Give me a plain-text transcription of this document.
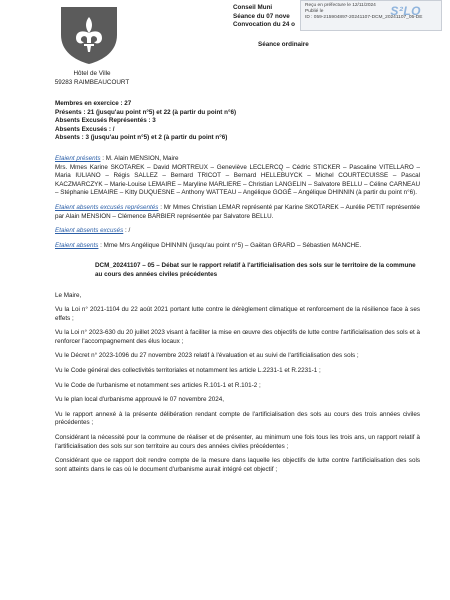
Hôtel de Ville

59283 RAIMBEAUCOURT

Conseil Muni

Séance du 07 nove

Convocation du 24 o

Séance ordinaire
Reçu en préfecture le 12/11/2024
Publié le
ID : 059-215904897-20241107-DCM_20241107_05-DE
S²LO

Membres en exercice : 27

Présents : 21 (jusqu'au point n°5) et 22 (à partir du point n°6)

Absents Excusés Représentés : 3

Absents Excusés : /

Absents : 3 (jusqu'au point n°5) et 2 (à partir du point n°6)

Etaient présents : M. Alain MENSION, Maire
Mrs. Mmes Karine SKOTAREK – David MORTREUX – Geneviève LECLERCQ – Cédric STICKER – Pascaline VITELLARO – Maria IULIANO – Régis SALLEZ – Bernard TRICOT – Bernard HELLEBUYCK – Michel COURTECUISSE – Pascal KACZMARCZYK – Marie-Louise LEMAIRE – Maryline MARLIERE – Christian LANGELIN – Salvatore BELLU – Céline CARNEAU – Stéphanie LEMAIRE – Kitty DUQUESNE – Anthony WATTEAU – Angélique GOGÉ – Angélique DHINNIN (à partir du point n°6).

Etaient absents excusés représentés : Mr Mmes Christian LEMAR représenté par Karine SKOTAREK – Aurélie PETIT représentée par Alain MENSION – Clémence BARBIER représentée par Salvatore BELLU.

Etaient absents excusés : /

Etaient absents : Mme Mrs Angélique DHINNIN (jusqu'au point n°5) – Gaëtan GRARD – Sébastien MANCHE.

DCM_20241107 – 05 – Débat sur le rapport relatif à l'artificialisation des sols sur le territoire de la commune au cours des années civiles précédentes

Le Maire,

Vu la Loi n° 2021-1104 du 22 août 2021 portant lutte contre le dérèglement climatique et renforcement de la résilience face à ses effets ;

Vu la Loi n° 2023-630 du 20 juillet 2023 visant à faciliter la mise en œuvre des objectifs de lutte contre l'artificialisation des sols et à renforcer l'accompagnement des élus locaux ;

Vu le Décret n° 2023-1096 du 27 novembre 2023 relatif à l'évaluation et au suivi de l'artificialisation des sols ;

Vu le Code général des collectivités territoriales et notamment les article L.2231-1 et R.2231-1 ;

Vu le Code de l'urbanisme et notamment ses articles R.101-1 et R.101-2 ;

Vu le plan local d'urbanisme approuvé le 07 novembre 2024,

Vu le rapport annexé à la présente délibération rendant compte de l'artificialisation des sols au cours des trois années civiles précédentes ;

Considérant la nécessité pour la commune de réaliser et de présenter, au minimum une fois tous les trois ans, un rapport relatif à l'artificialisation des sols sur son territoire au cours des années civiles précédentes ;

Considérant que ce rapport doit rendre compte de la mesure dans laquelle les objectifs de lutte contre l'artificialisation des sols sont atteints dans le cas où le document d'urbanisme aurait intégré cet objectif ;
